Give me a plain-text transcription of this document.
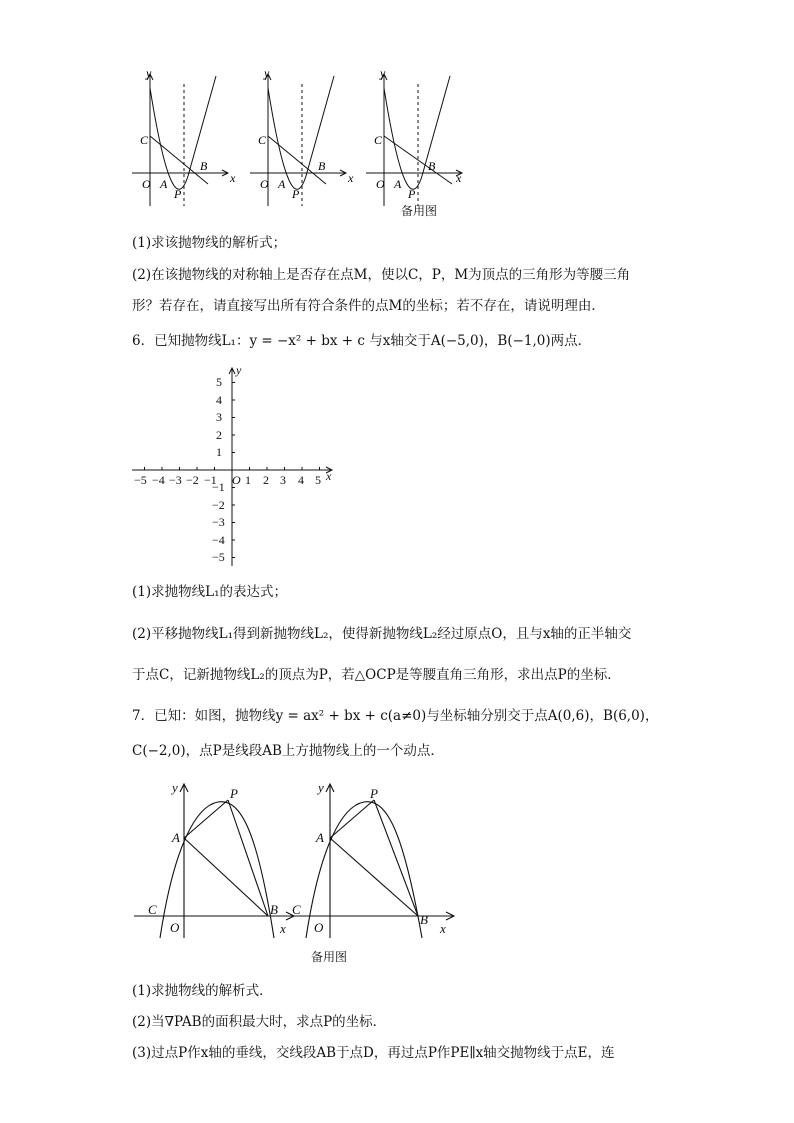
y
x
C
O A
P
B
y
x
C
O A
P
B
y
x
C
O A
P
B
备用图
(1)求该抛物线的解析式；
(2)在该抛物线的对称轴上是否存在点M，使以C，P，M为顶点的三角形为等腰三角
形？若存在，请直接写出所有符合条件的点M的坐标；若不存在，请说明理由．
6．已知抛物线L₁：y = −x² + bx + c 与x轴交于A(−5,0)，B(−1,0)两点．
−5 −4 −3 −2 −1 O 1 2 3 4 5 x
y
5
4
3
2
1
−1
−2
−3
−4
−5
(1)求抛物线L₁的表达式；
(2)平移抛物线L₁得到新抛物线L₂，使得新抛物线L₂经过原点O，且与x轴的正半轴交
于点C，记新抛物线L₂的顶点为P，若△OCP是等腰直角三角形，求出点P的坐标．
7．已知：如图，抛物线y = ax² + bx + c(a≠0)与坐标轴分别交于点A(0,6)，B(6,0)，
C(−2,0)，点P是线段AB上方抛物线上的一个动点．
y
A
P
C
O
B
x
y
A
P
C
O
B
x
备用图
(1)求抛物线的解析式．
(2)当∇PAB的面积最大时，求点P的坐标．
(3)过点P作x轴的垂线，交线段AB于点D，再过点P作PE∥x轴交抛物线于点E，连
